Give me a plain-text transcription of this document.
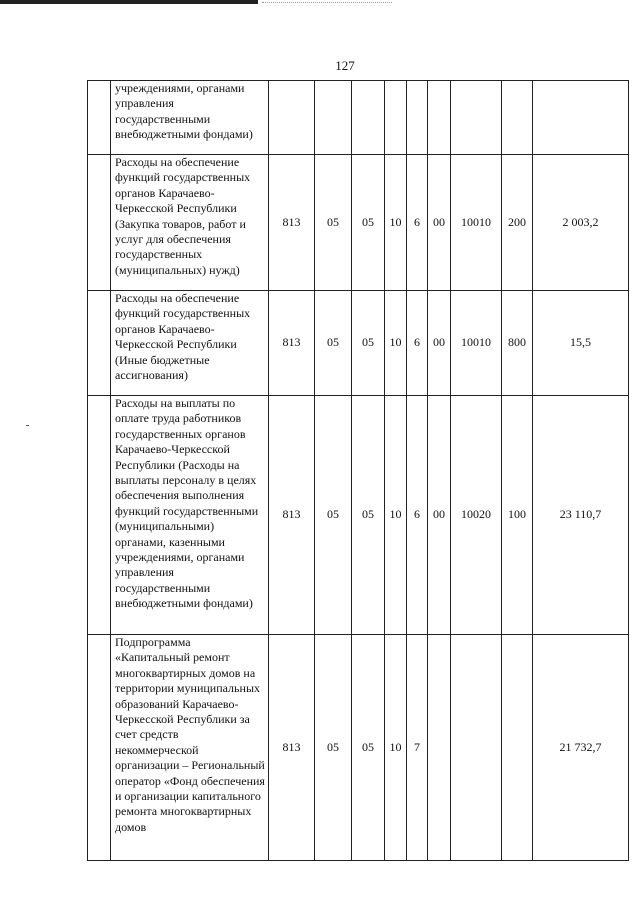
127

	учреждениями, органами управления государственными внебюджетными фондами)									

	Расходы на обеспечение функций государственных органов Карачаево-Черкесской Республики (Закупка товаров, работ и услуг для обеспечения государственных (муниципальных) нужд)	813	05	05	10	6	00	10010	200	2 003,2

	Расходы на обеспечение функций государственных органов Карачаево-Черкесской Республики (Иные бюджетные ассигнования)	813	05	05	10	6	00	10010	800	15,5

	Расходы на выплаты по оплате труда работников государственных органов Карачаево-Черкесской Республики (Расходы на выплаты персоналу в целях обеспечения выполнения функций государственными (муниципальными) органами, казенными учреждениями, органами управления государственными внебюджетными фондами)	813	05	05	10	6	00	10020	100	23 110,7

	Подпрограмма «Капитальный ремонт многоквартирных домов на территории муниципальных образований Карачаево-Черкесской Республики за счет средств некоммерческой организации – Региональный оператор «Фонд обеспечения и организации капитального ремонта многоквартирных домов	813	05	05	10	7				21 732,7
